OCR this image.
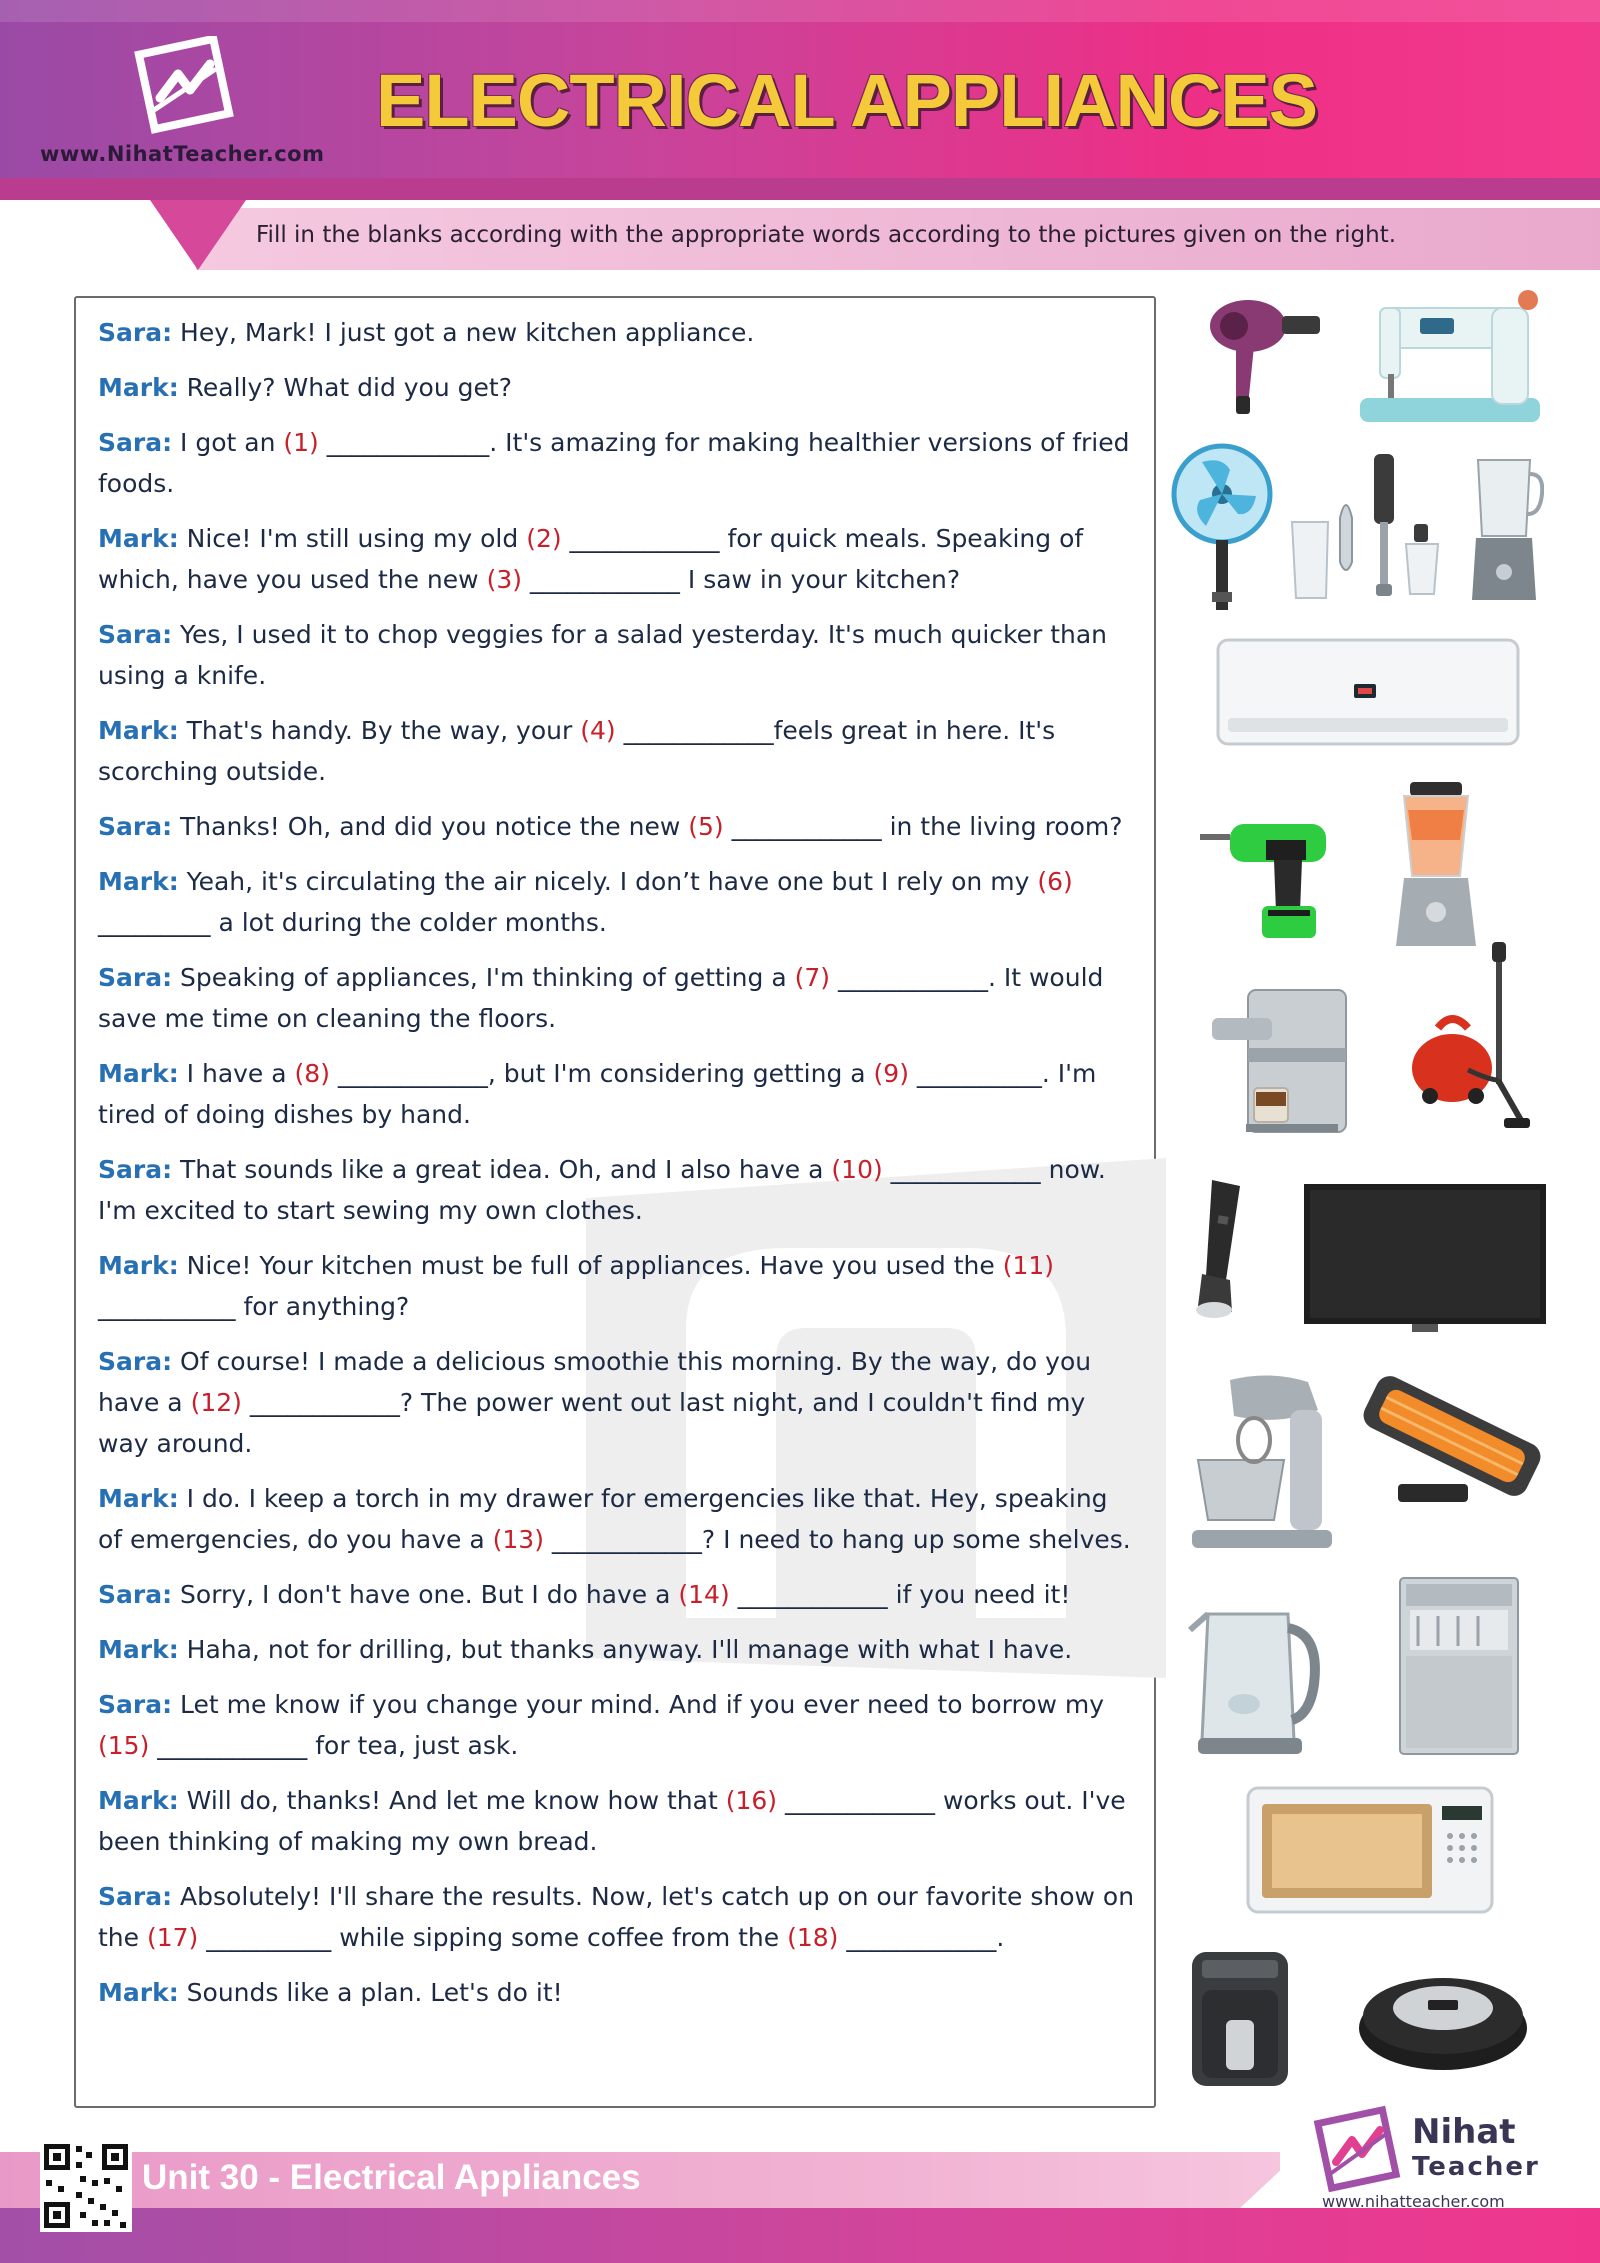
www.NihatTeacher.com
ELECTRICAL APPLIANCES
Fill in the blanks according with the appropriate words according to the pictures given on the right.

Sara: Hey, Mark! I just got a new kitchen appliance.

Mark: Really? What did you get?

Sara: I got an (1) _____________. It's amazing for making healthier versions of fried foods.

Mark: Nice! I'm still using my old (2) ____________ for quick meals. Speaking of which, have you used the new (3) ____________ I saw in your kitchen?

Sara: Yes, I used it to chop veggies for a salad yesterday. It's much quicker than using a knife.

Mark: That's handy. By the way, your (4) ____________feels great in here. It's scorching outside.

Sara: Thanks! Oh, and did you notice the new (5) ____________ in the living room?

Mark: Yeah, it's circulating the air nicely. I don’t have one but I rely on my (6) _________ a lot during the colder months.

Sara: Speaking of appliances, I'm thinking of getting a (7) ____________. It would save me time on cleaning the floors.

Mark: I have a (8) ____________, but I'm considering getting a (9) __________. I'm tired of doing dishes by hand.

Sara: That sounds like a great idea. Oh, and I also have a (10) ____________ now. I'm excited to start sewing my own clothes.

Mark: Nice! Your kitchen must be full of appliances. Have you used the (11) ___________ for anything?

Sara: Of course! I made a delicious smoothie this morning. By the way, do you have a (12) ____________? The power went out last night, and I couldn't find my way around.

Mark: I do. I keep a torch in my drawer for emergencies like that. Hey, speaking of emergencies, do you have a (13) ____________? I need to hang up some shelves.

Sara: Sorry, I don't have one. But I do have a (14) ____________ if you need it!

Mark: Haha, not for drilling, but thanks anyway. I'll manage with what I have.

Sara: Let me know if you change your mind. And if you ever need to borrow my (15) ____________ for tea, just ask.

Mark: Will do, thanks! And let me know how that (16) ____________ works out. I've been thinking of making my own bread.

Sara: Absolutely! I'll share the results. Now, let's catch up on our favorite show on the (17) __________ while sipping some coffee from the (18) ____________.

Mark: Sounds like a plan. Let's do it!

Unit 30 - Electrical Appliances
Nihat
Teacher
www.nihatteacher.com
